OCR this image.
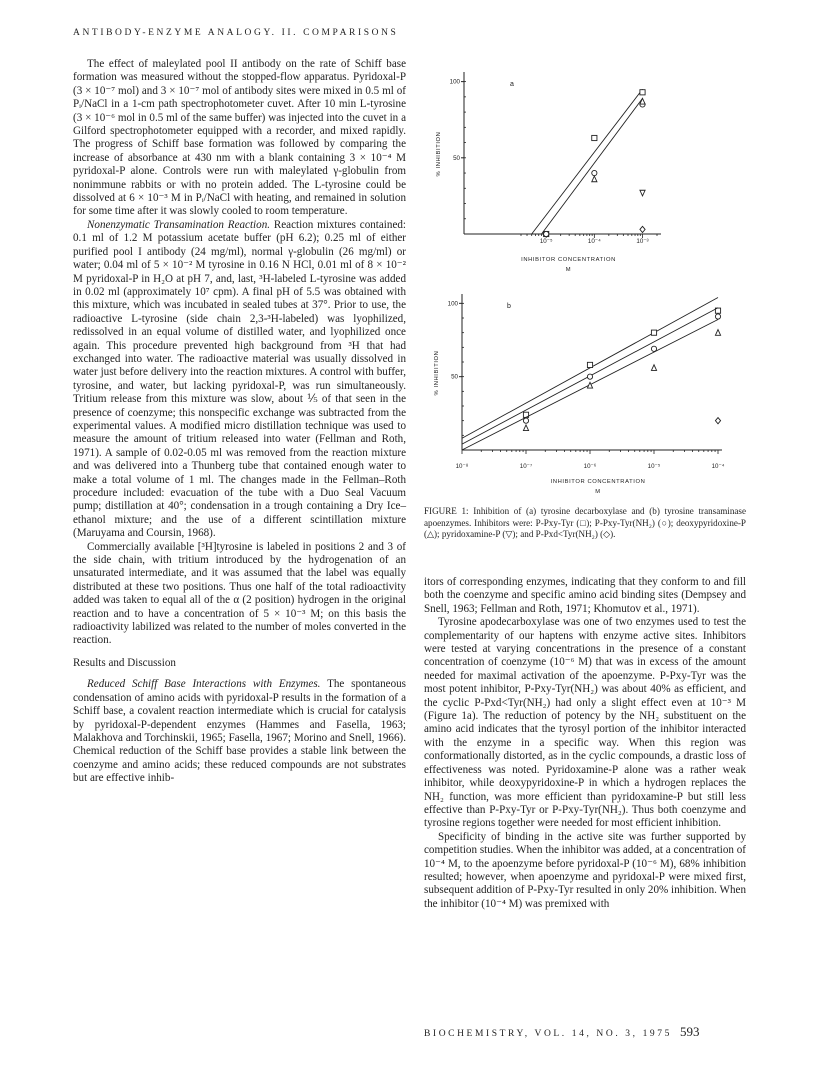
ANTIBODY-ENZYME ANALOGY. II. COMPARISONS

The effect of maleylated pool II antibody on the rate of Schiff base formation was measured without the stopped-flow apparatus. Pyridoxal-P (3 × 10⁻⁷ mol) and 3 × 10⁻⁷ mol of antibody sites were mixed in 0.5 ml of Pᵢ/NaCl in a 1-cm path spectrophotometer cuvet. After 10 min L-tyrosine (3 × 10⁻⁶ mol in 0.5 ml of the same buffer) was injected into the cuvet in a Gilford spectrophotometer equipped with a recorder, and mixed rapidly. The progress of Schiff base formation was followed by comparing the increase of absorbance at 430 nm with a blank containing 3 × 10⁻⁴ M pyridoxal-P alone. Controls were run with maleylated γ-globulin from nonimmune rabbits or with no protein added. The L-tyrosine could be dissolved at 6 × 10⁻³ M in Pᵢ/NaCl with heating, and remained in solution for some time after it was slowly cooled to room temperature.

Nonenzymatic Transamination Reaction. Reaction mixtures contained: 0.1 ml of 1.2 M potassium acetate buffer (pH 6.2); 0.25 ml of either purified pool I antibody (24 mg/ml), normal γ-globulin (26 mg/ml) or water; 0.04 ml of 5 × 10⁻² M tyrosine in 0.16 N HCl, 0.01 ml of 8 × 10⁻² M pyridoxal-P in H₂O at pH 7, and, last, ³H-labeled L-tyrosine was added in 0.02 ml (approximately 10⁷ cpm). A final pH of 5.5 was obtained with this mixture, which was incubated in sealed tubes at 37°. Prior to use, the radioactive L-tyrosine (side chain 2,3-³H-labeled) was lyophilized, redissolved in an equal volume of distilled water, and lyophilized once again. This procedure prevented high background from ³H that had exchanged into water. The radioactive material was usually dissolved in water just before delivery into the reaction mixtures. A control with buffer, tyrosine, and water, but lacking pyridoxal-P, was run simultaneously. Tritium release from this mixture was slow, about ⅕ of that seen in the presence of coenzyme; this nonspecific exchange was subtracted from the experimental values. A modified micro distillation technique was used to measure the amount of tritium released into water (Fellman and Roth, 1971). A sample of 0.02-0.05 ml was removed from the reaction mixture and was delivered into a Thunberg tube that contained enough water to make a total volume of 1 ml. The changes made in the Fellman–Roth procedure included: evacuation of the tube with a Duo Seal Vacuum pump; distillation at 40°; condensation in a trough containing a Dry Ice–ethanol mixture; and the use of a different scintillation mixture (Maruyama and Coursin, 1968).

Commercially available [³H]tyrosine is labeled in positions 2 and 3 of the side chain, with tritium introduced by the hydrogenation of an unsaturated intermediate, and it was assumed that the label was equally distributed at these two positions. Thus one half of the total radioactivity added was taken to equal all of the α (2 position) hydrogen in the original reaction and to have a concentration of 5 × 10⁻³ M; on this basis the radioactivity labilized was related to the number of moles converted in the reaction.

Results and Discussion

Reduced Schiff Base Interactions with Enzymes. The spontaneous condensation of amino acids with pyridoxal-P results in the formation of a Schiff base, a covalent reaction intermediate which is crucial for catalysis by pyridoxal-P-dependent enzymes (Hammes and Fasella, 1963; Malakhova and Torchinskii, 1965; Fasella, 1967; Morino and Snell, 1966). Chemical reduction of the Schiff base provides a stable link between the coenzyme and amino acids; these reduced compounds are not substrates but are effective inhib-

100
50
10⁻⁵	10⁻⁴	10⁻³
INHIBITOR CONCENTRATION
M
% INHIBITION
a
100
50
10⁻⁸	10⁻⁷	10⁻⁶	10⁻⁵	10⁻⁴
INHIBITOR CONCENTRATION
M
% INHIBITION
b
FIGURE 1: Inhibition of (a) tyrosine decarboxylase and (b) tyrosine transaminase apoenzymes. Inhibitors were: P-Pxy-Tyr (□); P-Pxy-Tyr(NH₂) (○); deoxypyridoxine-P (△); pyridoxamine-P (▽); and P-Pxd<Tyr(NH₂) (◇).

itors of corresponding enzymes, indicating that they conform to and fill both the coenzyme and specific amino acid binding sites (Dempsey and Snell, 1963; Fellman and Roth, 1971; Khomutov et al., 1971).

Tyrosine apodecarboxylase was one of two enzymes used to test the complementarity of our haptens with enzyme active sites. Inhibitors were tested at varying concentrations in the presence of a constant concentration of coenzyme (10⁻⁶ M) that was in excess of the amount needed for maximal activation of the apoenzyme. P-Pxy-Tyr was the most potent inhibitor, P-Pxy-Tyr(NH₂) was about 40% as efficient, and the cyclic P-Pxd<Tyr(NH₂) had only a slight effect even at 10⁻³ M (Figure 1a). The reduction of potency by the NH₂ substituent on the amino acid indicates that the tyrosyl portion of the inhibitor interacted with the enzyme in a specific way. When this region was conformationally distorted, as in the cyclic compounds, a drastic loss of effectiveness was noted. Pyridoxamine-P alone was a rather weak inhibitor, while deoxypyridoxine-P in which a hydrogen replaces the NH₂ function, was more efficient than pyridoxamine-P but still less effective than P-Pxy-Tyr or P-Pxy-Tyr(NH₂). Thus both coenzyme and tyrosine regions together were needed for most efficient inhibition.

Specificity of binding in the active site was further supported by competition studies. When the inhibitor was added, at a concentration of 10⁻⁴ M, to the apoenzyme before pyridoxal-P (10⁻⁶ M), 68% inhibition resulted; however, when apoenzyme and pyridoxal-P were mixed first, subsequent addition of P-Pxy-Tyr resulted in only 20% inhibition. When the inhibitor (10⁻⁴ M) was premixed with

BIOCHEMISTRY, VOL. 14, NO. 3, 1975 593
